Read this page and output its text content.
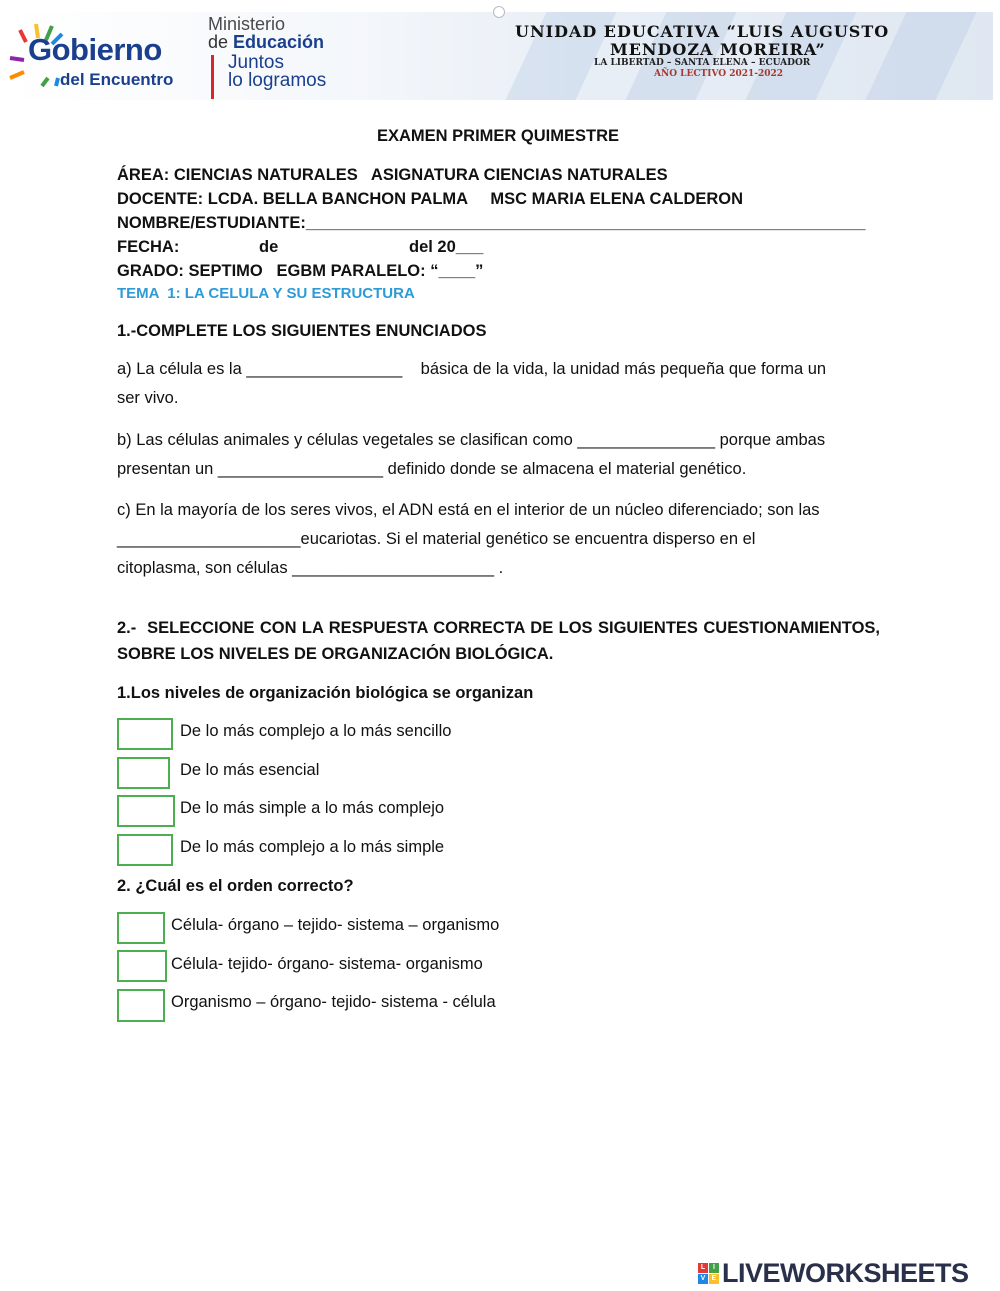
Gobierno
del Encuentro
Ministerio
de Educación
Juntos
lo logramos
UNIDAD EDUCATIVA “LUIS AUGUSTO
MENDOZA MOREIRA”
LA LIBERTAD – SANTA ELENA – ECUADOR
AÑO LECTIVO 2021-2022
EXAMEN PRIMER QUIMESTRE
ÁREA: CIENCIAS NATURALES   ASIGNATURA CIENCIAS NATURALES
DOCENTE: LCDA. BELLA BANCHON PALMA     MSC MARIA ELENA CALDERON
NOMBRE/ESTUDIANTE:_____________________________________________________________
FECHA:	de	del 20___
GRADO: SEPTIMO   EGBM PARALELO: “____”
TEMA  1: LA CELULA Y SU ESTRUCTURA
1.-COMPLETE LOS SIGUIENTES ENUNCIADOS
a) La célula es la _________________    básica de la vida, la unidad más pequeña que forma un
ser vivo.
b) Las células animales y células vegetales se clasifican como _______________ porque ambas
presentan un __________________ definido donde se almacena el material genético.
c) En la mayoría de los seres vivos, el ADN está en el interior de un núcleo diferenciado; son las
____________________eucariotas. Si el material genético se encuentra disperso en el
citoplasma, son células ______________________ .
2.-  SELECCIONE CON LA RESPUESTA CORRECTA DE LOS SIGUIENTES CUESTIONAMIENTOS,
SOBRE LOS NIVELES DE ORGANIZACIÓN BIOLÓGICA.
1.Los niveles de organización biológica se organizan
De lo más complejo a lo más sencillo
De lo más esencial
De lo más simple a lo más complejo
De lo más complejo a lo más simple
2. ¿Cuál es el orden correcto?
Célula- órgano – tejido- sistema – organismo
Célula- tejido- órgano- sistema- organismo
Organismo – órgano- tejido- sistema - célula
L	I
V E LIVEWORKSHEETS
